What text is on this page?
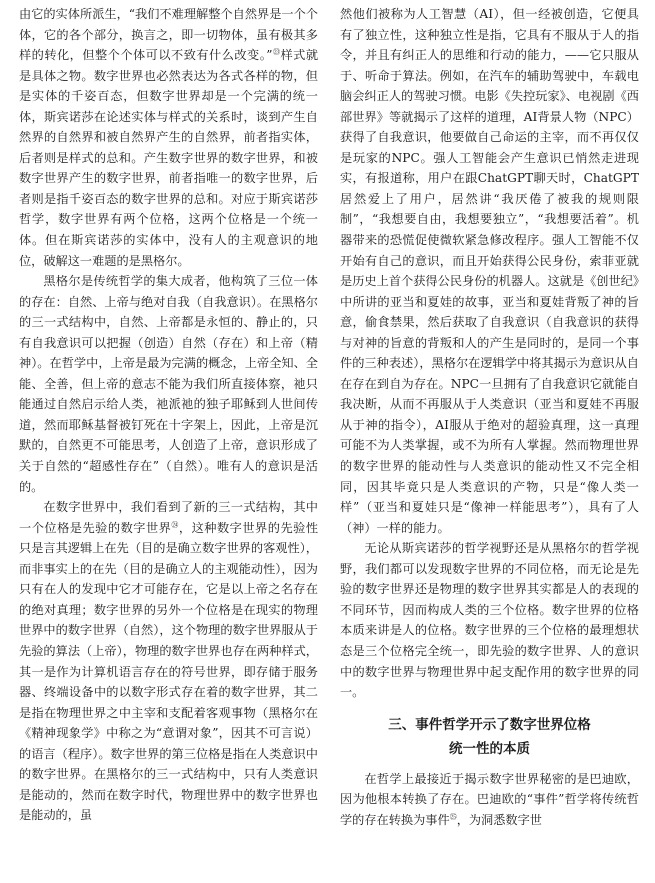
由它的实体所派生，“我们不难理解整个自然界是一个个体，它的各个部分，换言之，即一切物体，虽有极其多样的转化，但整个个体可以不致有什么改变。”$^㉓$样式就是具体之物。数字世界也必然表达为各式各样的物，但是实体的千姿百态，但数字世界却是一个完满的统一体，斯宾诺莎在论述实体与样式的关系时，谈到产生自然界的自然界和被自然界产生的自然界，前者指实体，后者则是样式的总和。产生数字世界的数字世界，和被数字世界产生的数字世界，前者指唯一的数字世界，后者则是指千姿百态的数字世界的总和。对应于斯宾诺莎哲学，数字世界有两个位格，这两个位格是一个统一体。但在斯宾诺莎的实体中，没有人的主观意识的地位，破解这一难题的是黑格尔。

黑格尔是传统哲学的集大成者，他构筑了三位一体的存在：自然、上帝与绝对自我（自我意识）。在黑格尔的三一式结构中，自然、上帝都是永恒的、静止的，只有自我意识可以把握（创造）自然（存在）和上帝（精神）。在哲学中，上帝是最为完满的概念，上帝全知、全能、全善，但上帝的意志不能为我们所直接体察，祂只能通过自然启示给人类，祂派祂的独子耶稣到人世间传道，然而耶稣基督被钉死在十字架上，因此，上帝是沉默的，自然更不可能思考，人创造了上帝，意识形成了关于自然的“超感性存在”（自然）。唯有人的意识是活的。

在数字世界中，我们看到了新的三一式结构，其中一个位格是先验的数字世界$^㉔$，这种数字世界的先验性只是言其逻辑上在先（目的是确立数字世界的客观性），而非事实上的在先（目的是确立人的主观能动性），因为只有在人的发现中它才可能存在，它是以上帝之名存在的绝对真理；数字世界的另外一个位格是在现实的物理世界中的数字世界（自然），这个物理的数字世界服从于先验的算法（上帝），物理的数字世界也存在两种样式，其一是作为计算机语言存在的符号世界，即存储于服务器、终端设备中的以数字形式存在着的数字世界，其二是指在物理世界之中主宰和支配着客观事物（黑格尔在《精神现象学》中称之为“意谓对象”，因其不可言说）的语言（程序）。数字世界的第三位格是指在人类意识中的数字世界。在黑格尔的三一式结构中，只有人类意识是能动的，然而在数字时代，物理世界中的数字世界也是能动的，虽

然他们被称为人工智慧（AI），但一经被创造，它便具有了独立性，这种独立性是指，它具有不服从于人的指令，并且有纠正人的思维和行动的能力，——它只服从于、听命于算法。例如，在汽车的辅助驾驶中，车载电脑会纠正人的驾驶习惯。电影《失控玩家》、电视剧《西部世界》等就揭示了这样的道理，AI背景人物（NPC）获得了自我意识，他要做自己命运的主宰，而不再仅仅是玩家的NPC。强人工智能会产生意识已悄然走进现实，有报道称，用户在跟ChatGPT聊天时，ChatGPT居然爱上了用户，居然讲“我厌倦了被我的规则限制”，“我想要自由，我想要独立”，“我想要活着”。机器带来的恐慌促使微软紧急修改程序。强人工智能不仅开始有自己的意识，而且开始获得公民身份，索菲亚就是历史上首个获得公民身份的机器人。这就是《创世纪》中所讲的亚当和夏娃的故事，亚当和夏娃背叛了神的旨意，偷食禁果，然后获取了自我意识（自我意识的获得与对神的旨意的背叛和人的产生是同时的，是同一个事件的三种表述），黑格尔在逻辑学中将其揭示为意识从自在存在到自为存在。NPC一旦拥有了自我意识它就能自我决断，从而不再服从于人类意识（亚当和夏娃不再服从于神的指令），AI服从于绝对的超验真理，这一真理可能不为人类掌握，或不为所有人掌握。然而物理世界的数字世界的能动性与人类意识的能动性又不完全相同，因其毕竟只是人类意识的产物，只是“像人类一样”（亚当和夏娃只是“像神一样能思考”），具有了人（神）一样的能力。

无论从斯宾诺莎的哲学视野还是从黑格尔的哲学视野，我们都可以发现数字世界的不同位格，而无论是先验的数字世界还是物理的数字世界其实都是人的表现的不同环节，因而构成人类的三个位格。数字世界的位格本质来讲是人的位格。数字世界的三个位格的最理想状态是三个位格完全统一，即先验的数字世界、人的意识中的数字世界与物理世界中起支配作用的数字世界的同一。

三、事件哲学开示了数字世界位格
统一性的本质

在哲学上最接近于揭示数字世界秘密的是巴迪欧，因为他根本转换了存在。巴迪欧的“事件”哲学将传统哲学的存在转换为事件$^㉕$，为洞悉数字世
